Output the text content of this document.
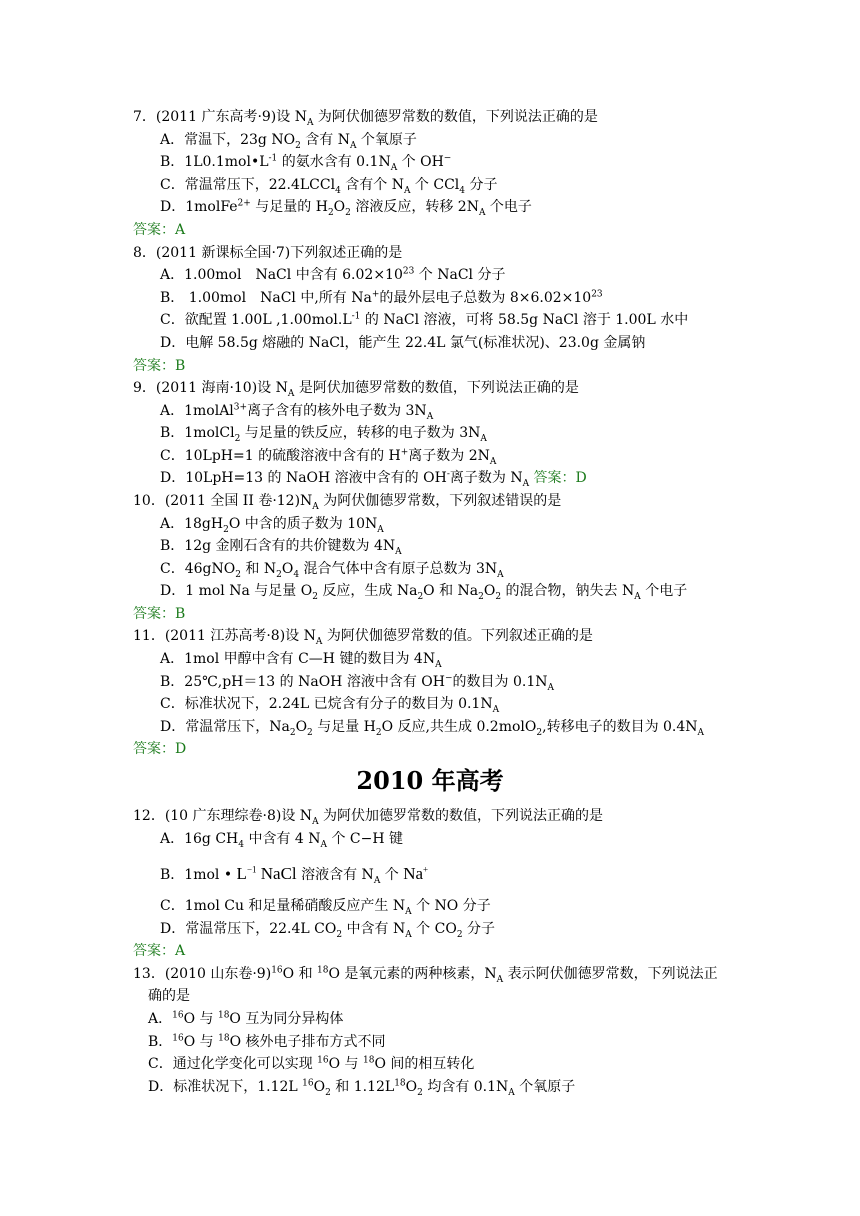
7．(2011 广东高考·9)设 $N_A$ 为阿伏伽德罗常数的数值，下列说法正确的是
A．常温下，23g $NO_2$ 含有 $N_A$ 个氧原子
B．$1L0.1mol•L^{-1}$ 的氨水含有 $0.1N_A$ 个 OH−
C．常温常压下，22.4LCCl$_4$ 含有个 $N_A$ 个 CCl$_4$ 分子
D．1molFe$^{2+}$ 与足量的 $H_2O_2$ 溶液反应，转移 $2N_A$ 个电子
答案：A
8．(2011 新课标全国·7)下列叙述正确的是
A．1.00mol　NaCl 中含有 $6.02\times 10^{23}$ 个 NaCl 分子
B． 1.00mol　NaCl 中,所有 Na+的最外层电子总数为 $8\times 6.02\times 10^{23}$
C．欲配置 1.00L $,1.00mol.L^{-1}$ 的 NaCl 溶液，可将 58.5g NaCl 溶于 1.00L 水中
D．电解 58.5g 熔融的 NaCl，能产生 22.4L 氯气(标准状况)、23.0g 金属钠
答案：B
9．(2011 海南·10)设 $N_A$ 是阿伏加德罗常数的数值，下列说法正确的是
A．1molAl$^{3+}$离子含有的核外电子数为 $3N_A$
B．1molCl$_2$ 与足量的铁反应，转移的电子数为 $3N_A$
C．10LpH=1 的硫酸溶液中含有的 H+离子数为 $2N_A$
D．10LpH=13 的 NaOH 溶液中含有的 OH-离子数为 $N_A$ 答案：D
10．(2011 全国 II 卷$\cdot 12)N_A$ 为阿伏伽德罗常数，下列叙述错误的是
A．$18gH_2O$ 中含的质子数为 $10N_A$
B．12g 金刚石含有的共价键数为 $4N_A$
C．46gNO$_2$ 和 $N_2O_4$ 混合气体中含有原子总数为 $3N_A$
D．1 mol Na 与足量 $O_2$ 反应，生成 $Na_2O$ 和 $Na_2O_2$ 的混合物，钠失去 $N_A$ 个电子
答案：B
11．(2011 江苏高考·8)设 $N_A$ 为阿伏伽德罗常数的值。下列叙述正确的是
A．1mol 甲醇中含有 C—H 键的数目为 $4N_A$
B．25℃,pH＝13 的 NaOH 溶液中含有 OH−的数目为 $0.1N_A$
C．标准状况下，2.24L 已烷含有分子的数目为 $0.1N_A$
D．常温常压下，$Na_2O_2$ 与足量 $H_2O$ 反应,共生成 0.2molO$_2$,转移电子的数目为 $0.4N_A$
答案：D
2010 年高考
12．(10 广东理综卷·8)设 $N_A$ 为阿伏加德罗常数的数值，下列说法正确的是
A．16g $CH_4$ 中含有 4 $N_A$ 个 C−H 键
B．1mol • $L^{-1}$ NaCl 溶液含有 $N_A$ 个 Na+
C．1mol Cu 和足量稀硝酸反应产生 $N_A$ 个 NO 分子
D．常温常压下，22.4L $CO_2$ 中含有 $N_A$ 个 $CO_2$ 分子
答案：A
13．(2010 山东卷·9)$^{16}$O 和 $^{18}$O 是氧元素的两种核素，$N_A$ 表示阿伏伽德罗常数，下列说法正
确的是
A．$^{16}$O 与 $^{18}$O 互为同分异构体
B．$^{16}$O 与 $^{18}$O 核外电子排布方式不同
C．通过化学变化可以实现 $^{16}$O 与 $^{18}$O 间的相互转化
D．标准状况下，1.12L $^{16}O_2$ 和 $1.12L^{18}O_2$ 均含有 $0.1N_A$ 个氧原子
